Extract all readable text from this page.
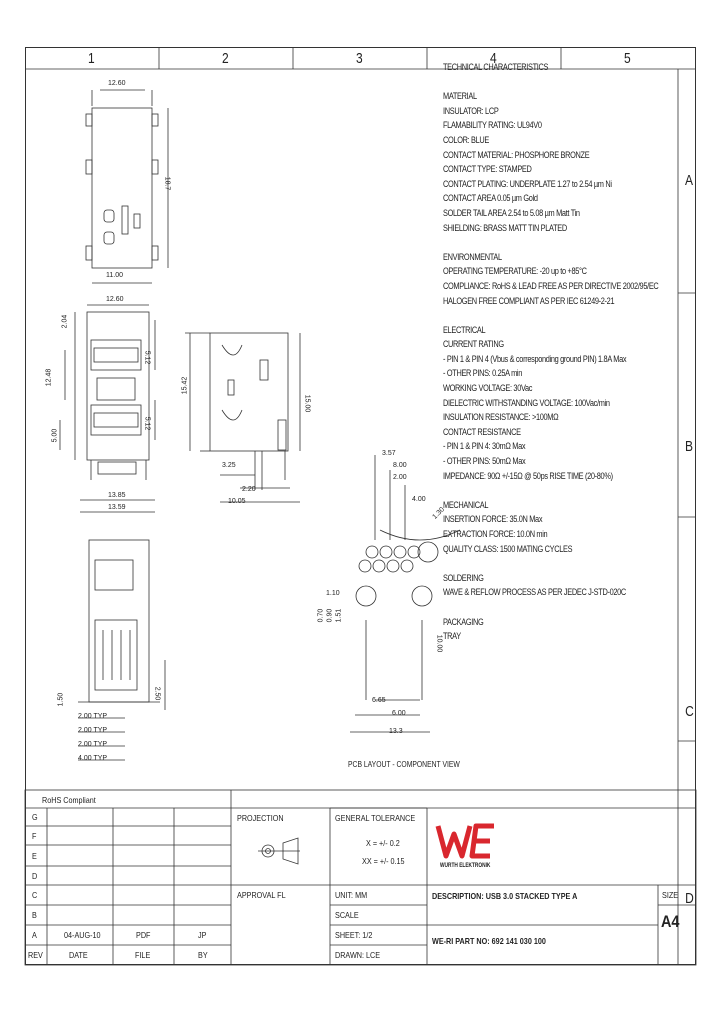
1	2	3	4	5
A
B
C
D
12.60
18.7
11.00
12.60
2.04
5.12
5.12
12.48
5.00
13.85
13.59
15.42
15.00
3.25
2.20
10.05
3.57
8.00
2.00
4.00
13.3
6.65
6.00
10.00
0.70 0.90 1.51
1.30
1.10
1.50	2.50
2.00 TYP
2.00 TYP
2.00 TYP
4.00 TYP
PCB LAYOUT - COMPONENT VIEW
TECHNICAL CHARACTERISTICS
MATERIAL
INSULATOR: LCP
FLAMABILITY RATING: UL94V0
COLOR: BLUE
CONTACT MATERIAL: PHOSPHORE BRONZE
CONTACT TYPE: STAMPED
CONTACT PLATING: UNDERPLATE 1.27 to 2.54 µm Ni
CONTACT AREA 0.05 µm Gold
SOLDER TAIL AREA 2.54 to 5.08 µm Matt Tin
SHIELDING: BRASS MATT TIN PLATED
ENVIRONMENTAL
OPERATING TEMPERATURE: -20 up to +85°C
COMPLIANCE: RoHS & LEAD FREE AS PER DIRECTIVE 2002/95/EC
HALOGEN FREE COMPLIANT AS PER IEC 61249-2-21
ELECTRICAL
CURRENT RATING
- PIN 1 & PIN 4 (Vbus & corresponding ground PIN) 1.8A Max
- OTHER PINS: 0.25A min
WORKING VOLTAGE: 30Vac
DIELECTRIC WITHSTANDING VOLTAGE: 100Vac/min
INSULATION RESISTANCE: >100MΩ
CONTACT RESISTANCE
- PIN 1 & PIN 4: 30mΩ Max
- OTHER PINS: 50mΩ Max
IMPEDANCE: 90Ω +/-15Ω @ 50ps RISE TIME (20-80%)
MECHANICAL
INSERTION FORCE: 35.0N Max
EXTRACTION FORCE: 10.0N min
QUALITY CLASS: 1500 MATING CYCLES
SOLDERING
WAVE & REFLOW PROCESS AS PER JEDEC J-STD-020C
PACKAGING
TRAY
RoHS Compliant
G
F
E
D
C
B
A	04-AUG-10	PDF	JP
REV	DATE	FILE	BY
PROJECTION
APPROVAL FL
GENERAL TOLERANCE
X = +/- 0.2
XX = +/- 0.15
UNIT: MM
SCALE
SHEET: 1/2
DRAWN: LCE
WÜRTH ELEKTRONIK
DESCRIPTION: USB 3.0 STACKED TYPE A
WE-RI PART NO: 692 141 030 100
SIZE
A4
